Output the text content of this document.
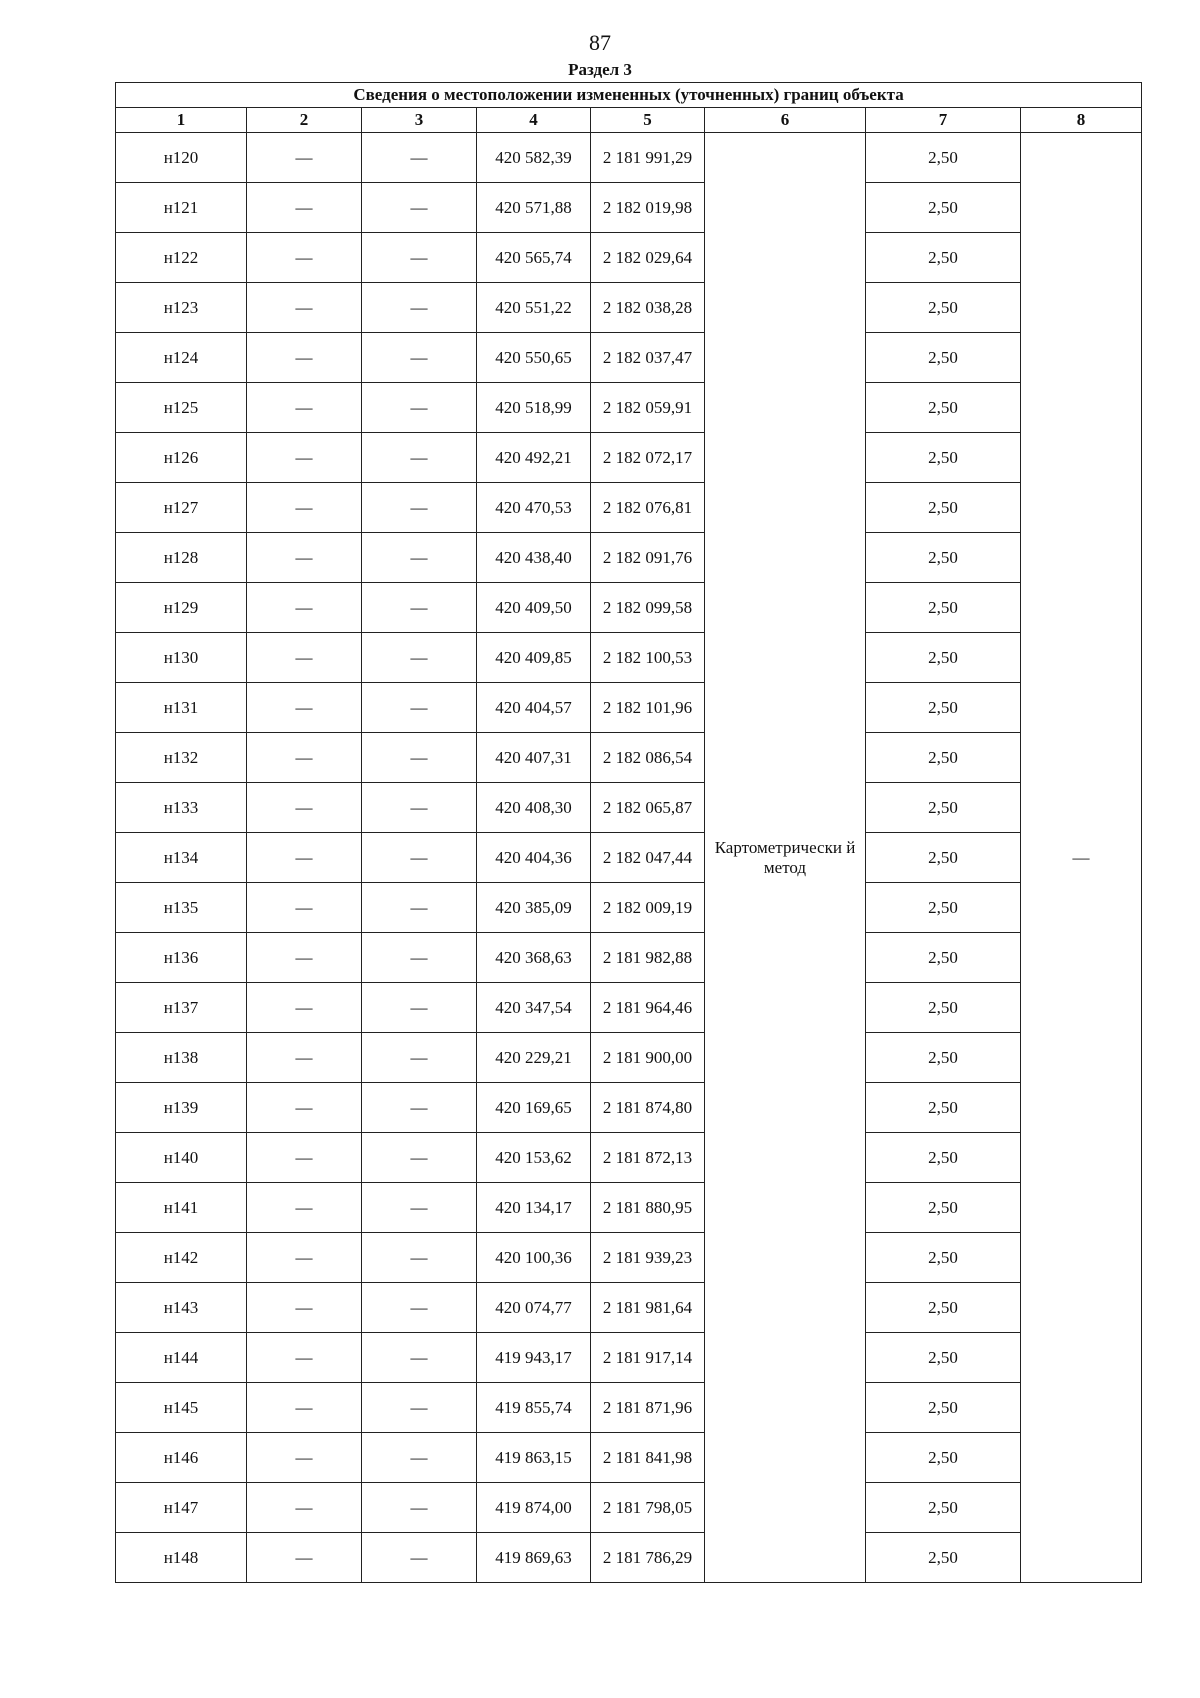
87
Раздел 3
Сведения о местоположении измененных (уточненных) границ объекта							
1	2	3	4	5	6	7	8
н120	—	—	420 582,39	2 181 991,29	Картометрически й метод	2,50	—
н121	—	—	420 571,88	2 182 019,98		2,50	
н122	—	—	420 565,74	2 182 029,64		2,50	
н123	—	—	420 551,22	2 182 038,28		2,50	
н124	—	—	420 550,65	2 182 037,47		2,50	
н125	—	—	420 518,99	2 182 059,91		2,50	
н126	—	—	420 492,21	2 182 072,17		2,50	
н127	—	—	420 470,53	2 182 076,81		2,50	
н128	—	—	420 438,40	2 182 091,76		2,50	
н129	—	—	420 409,50	2 182 099,58		2,50	
н130	—	—	420 409,85	2 182 100,53		2,50	
н131	—	—	420 404,57	2 182 101,96		2,50	
н132	—	—	420 407,31	2 182 086,54		2,50	
н133	—	—	420 408,30	2 182 065,87		2,50	
н134	—	—	420 404,36	2 182 047,44		2,50	
н135	—	—	420 385,09	2 182 009,19		2,50	
н136	—	—	420 368,63	2 181 982,88		2,50	
н137	—	—	420 347,54	2 181 964,46		2,50	
н138	—	—	420 229,21	2 181 900,00		2,50	
н139	—	—	420 169,65	2 181 874,80		2,50	
н140	—	—	420 153,62	2 181 872,13		2,50	
н141	—	—	420 134,17	2 181 880,95		2,50	
н142	—	—	420 100,36	2 181 939,23		2,50	
н143	—	—	420 074,77	2 181 981,64		2,50	
н144	—	—	419 943,17	2 181 917,14		2,50	
н145	—	—	419 855,74	2 181 871,96		2,50	
н146	—	—	419 863,15	2 181 841,98		2,50	
н147	—	—	419 874,00	2 181 798,05		2,50	
н148	—	—	419 869,63	2 181 786,29		2,50	
